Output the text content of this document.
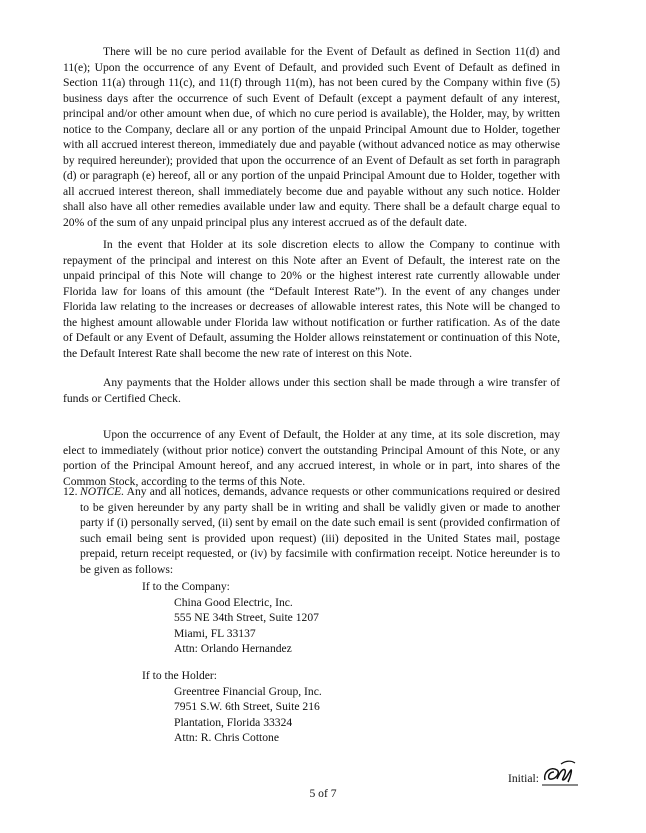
There will be no cure period available for the Event of Default as defined in Section 11(d) and 11(e); Upon the occurrence of any Event of Default, and provided such Event of Default as defined in Section 11(a) through 11(c), and 11(f) through 11(m), has not been cured by the Company within five (5) business days after the occurrence of such Event of Default (except a payment default of any interest, principal and/or other amount when due, of which no cure period is available), the Holder, may, by written notice to the Company, declare all or any portion of the unpaid Principal Amount due to Holder, together with all accrued interest thereon, immediately due and payable (without advanced notice as may otherwise by required hereunder); provided that upon the occurrence of an Event of Default as set forth in paragraph (d) or paragraph (e) hereof, all or any portion of the unpaid Principal Amount due to Holder, together with all accrued interest thereon, shall immediately become due and payable without any such notice. Holder shall also have all other remedies available under law and equity. There shall be a default charge equal to 20% of the sum of any unpaid principal plus any interest accrued as of the default date.

In the event that Holder at its sole discretion elects to allow the Company to continue with repayment of the principal and interest on this Note after an Event of Default, the interest rate on the unpaid principal of this Note will change to 20% or the highest interest rate currently allowable under Florida law for loans of this amount (the “Default Interest Rate”). In the event of any changes under Florida law relating to the increases or decreases of allowable interest rates, this Note will be changed to the highest amount allowable under Florida law without notification or further ratification. As of the date of Default or any Event of Default, assuming the Holder allows reinstatement or continuation of this Note, the Default Interest Rate shall become the new rate of interest on this Note.

Any payments that the Holder allows under this section shall be made through a wire transfer of funds or Certified Check.

Upon the occurrence of any Event of Default, the Holder at any time, at its sole discretion, may elect to immediately (without prior notice) convert the outstanding Principal Amount of this Note, or any portion of the Principal Amount hereof, and any accrued interest, in whole or in part, into shares of the Common Stock, according to the terms of this Note.

12. NOTICE. Any and all notices, demands, advance requests or other communications required or desired to be given hereunder by any party shall be in writing and shall be validly given or made to another party if (i) personally served, (ii) sent by email on the date such email is sent (provided confirmation of such email being sent is provided upon request) (iii) deposited in the United States mail, postage prepaid, return receipt requested, or (iv) by facsimile with confirmation receipt. Notice hereunder is to be given as follows:
If to the Company:
China Good Electric, Inc.
555 NE 34th Street, Suite 1207
Miami, FL 33137
Attn: Orlando Hernandez
If to the Holder:
Greentree Financial Group, Inc.
7951 S.W. 6th Street, Suite 216
Plantation, Florida 33324
Attn: R. Chris Cottone
Initial:
5 of 7
